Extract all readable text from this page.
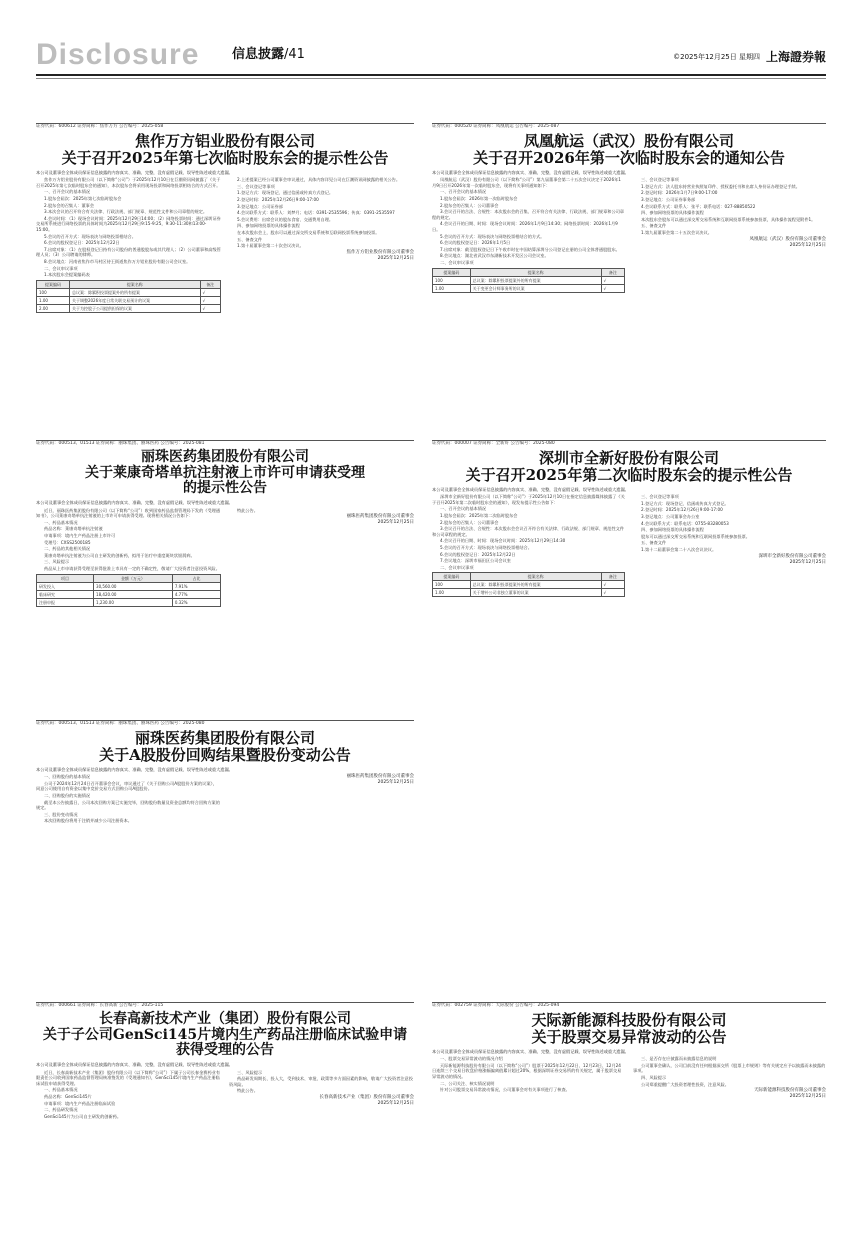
Disclosure	信息披露/41	©2025年12月25日 星期四 上海證券報
证券代码：600612 证券简称：焦作万方 公告编号：2025-058
焦作万方铝业股份有限公司
关于召开2025年第七次临时股东会的提示性公告
本公司及董事会全体成员保证信息披露的内容真实、准确、完整，没有虚假记载、误导性陈述或重大遗漏。

焦作万方铝业股份有限公司（以下简称“公司”）于2025年12月10日在巨潮资讯网披露了《关于召开2025年第七次临时股东会的通知》，本次股东会将采用现场投票和网络投票相结合的方式召开。

一、召开会议的基本情况

1.股东会届次：2025年第七次临时股东会

2.股东会的召集人：董事会

3.本次会议的召开符合有关法律、行政法规、部门规章、规范性文件和公司章程的规定。

4.会议时间：（1）现场会议时间：2025年12月29日14:00；（2）网络投票时间：通过深圳证券交易所系统进行网络投票的具体时间为2025年12月29日9:15-9:25，9:30-11:30和13:00-15:00。

5.会议的召开方式：现场表决与网络投票相结合。

6.会议的股权登记日：2025年12月22日

7.出席对象：（1）在股权登记日持有公司股份的普通股股东或其代理人；（2）公司董事和高级管理人员；（3）公司聘请的律师。

8.会议地点：河南省焦作市马村区待王街道焦作万方铝业股份有限公司会议室。

二、会议审议事项

1.本次股东会提案编码表

提案编码	提案名称	备注
100	总议案：除累积投票提案外的所有提案	√
1.00	关于调整2026年度日常关联交易预计的议案	√
2.00	关于为控股子公司提供担保的议案	√

2.上述提案已经公司董事会审议通过，具体内容详见公司在巨潮资讯网披露的相关公告。

三、会议登记等事项

1.登记方式：现场登记、通过信函或传真方式登记。

2.登记时间：2025年12月26日9:00-17:00

3.登记地点：公司证券部

4.会议联系方式：联系人：刘梦月；电话：0391-2535596；传真：0391-2535597

5.会议费用：出席会议的股东食宿、交通费用自理。

四、参加网络投票的具体操作流程

在本次股东会上，股东可以通过深交所交易系统和互联网投票系统参加投票。

五、备查文件

1.第十届董事会第二十次会议决议。

焦作万方铝业股份有限公司董事会
2025年12月25日
证券代码：000520 证券简称：凤凰航运 公告编号：2025-087
凤凰航运（武汉）股份有限公司
关于召开2026年第一次临时股东会的通知公告
本公司及董事会全体成员保证信息披露的内容真实、准确、完整，没有虚假记载、误导性陈述或重大遗漏。

凤凰航运（武汉）股份有限公司（以下简称“公司”）第九届董事会第二十五次会议决定于2026年1月9日召开2026年第一次临时股东会，现将有关事项通知如下：

一、召开会议的基本情况

1.股东会届次：2026年第一次临时股东会

2.股东会的召集人：公司董事会

3.会议召开的合法、合规性：本次股东会的召集、召开符合有关法律、行政法规、部门规章和公司章程的规定。

4.会议召开的日期、时间：现场会议时间：2026年1月9日14:30；网络投票时间：2026年1月9日。

5.会议的召开方式：现场表决与网络投票相结合的方式。

6.会议的股权登记日：2026年1月5日

7.出席对象：截至股权登记日下午收市时在中国结算深圳分公司登记在册的公司全体普通股股东。

8.会议地点：湖北省武汉市东湖新技术开发区公司会议室。

二、会议审议事项

提案编码	提案名称	备注
100	总议案：除累积投票提案外的所有提案	√
1.00	关于变更会计师事务所的议案	√

三、会议登记等事项

1.登记方式：法人股东持营业执照复印件、授权委托书和出席人身份证办理登记手续。

2.登记时间：2026年1月7日9:00-17:00

3.登记地点：公司证券事务部

4.会议联系方式：联系人：张平；联系电话：027-88850522

四、参加网络投票的具体操作流程

本次股东会股东可以通过深交所交易系统和互联网投票系统参加投票，具体操作流程见附件1。

五、备查文件

1.第九届董事会第二十五次会议决议。

凤凰航运（武汉）股份有限公司董事会
2025年12月25日
证券代码：000513、01513 证券简称：丽珠集团、丽珠医药 公告编号：2025-081
丽珠医药集团股份有限公司
关于莱康奇塔单抗注射液上市许可申请获受理
的提示性公告
本公司及董事会全体成员保证信息披露的内容真实、准确、完整，没有虚假记载、误导性陈述或重大遗漏。

近日，丽珠医药集团股份有限公司（以下简称“公司”）收到国家药品监督管理局下发的《受理通知书》，公司莱康奇塔单抗注射液的上市许可申请获得受理。现将相关情况公告如下：

一、药品基本情况

药品名称：莱康奇塔单抗注射液

申请事项：境内生产药品注册上市许可

受理号：CXSS2500185

二、药品的其他相关情况

莱康奇塔单抗注射液为公司自主研发的创新药，拟用于治疗中重度斑块状银屑病。

三、风险提示

药品从上市申请获得受理至获得批准上市具有一定的不确定性，敬请广大投资者注意投资风险。

项目	金额（万元）	占比
研发投入	30,560.00	7.91%
临床研究	18,420.00	4.77%
注册申报	1,230.00	0.32%

特此公告。

丽珠医药集团股份有限公司董事会
2025年12月25日
证券代码：000513、01513 证券简称：丽珠集团、丽珠医药 公告编号：2025-080
丽珠医药集团股份有限公司
关于A股股份回购结果暨股份变动公告
本公司及董事会全体成员保证信息披露的内容真实、准确、完整，没有虚假记载、误导性陈述或重大遗漏。

一、回购股份的基本情况

公司于2024年12月24日召开董事会会议，审议通过了《关于回购公司A股股份方案的议案》，同意公司使用自有资金以集中竞价交易方式回购公司A股股份。

二、回购股份的实施情况

截至本公告披露日，公司本次回购方案已实施完毕，回购股份数量及资金总额均符合回购方案的规定。

三、股份变动情况

本次回购股份将用于注销并减少公司注册资本。

丽珠医药集团股份有限公司董事会
2025年12月25日
证券代码：000007 证券简称：全新好 公告编号：2025-080
深圳市全新好股份有限公司
关于召开2025年第二次临时股东会的提示性公告
本公司及董事会全体成员保证信息披露的内容真实、准确、完整，没有虚假记载、误导性陈述或重大遗漏。

深圳市全新好股份有限公司（以下简称“公司”）于2025年12月10日在指定信息披露媒体披露了《关于召开2025年第二次临时股东会的通知》，现发布提示性公告如下：

一、召开会议的基本情况

1.股东会届次：2025年第二次临时股东会

2.股东会的召集人：公司董事会

3.会议召开的合法、合规性：本次股东会会议召开符合有关法律、行政法规、部门规章、规范性文件和公司章程的规定。

4.会议召开的日期、时间：现场会议时间：2025年12月29日14:30

5.会议的召开方式：现场表决与网络投票相结合。

6.会议的股权登记日：2025年12月22日

7.会议地点：深圳市福田区公司会议室

二、会议审议事项

提案编码	提案名称	备注
100	总议案：除累积投票提案外的所有提案	√
1.00	关于增补公司非独立董事的议案	√

三、会议登记等事项

1.登记方式：现场登记、信函或传真方式登记。

2.登记时间：2025年12月26日9:00-17:00

3.登记地点：公司董事会办公室

4.会议联系方式：联系电话：0755-83280053

四、参加网络投票的具体操作流程

股东可以通过深交所交易系统和互联网投票系统参加投票。

五、备查文件

1.第十二届董事会第二十八次会议决议。

深圳市全新好股份有限公司董事会
2025年12月25日
证券代码：000661 证券简称：长春高新 公告编号：2025-115
长春高新技术产业（集团）股份有限公司
关于子公司GenSci145片境内生产药品注册临床试验申请
获得受理的公告
本公司及董事会全体成员保证信息披露的内容真实、准确、完整，没有虚假记载、误导性陈述或重大遗漏。

近日，长春高新技术产业（集团）股份有限公司（以下简称“公司”）下属子公司长春金赛药业有限责任公司收到国家药品监督管理局核准签发的《受理通知书》，GenSci145片境内生产药品注册临床试验申请获得受理。

一、药品基本情况

药品名称：GenSci145片

申请事项：境内生产药品注册临床试验

二、药品研发情况

GenSci145片为公司自主研发的创新药。

三、风险提示

药品研发周期长、投入大，受到技术、审批、政策等多方面因素的影响，敬请广大投资者注意投资风险。

特此公告。

长春高新技术产业（集团）股份有限公司董事会
2025年12月25日
证券代码：002759 证券简称：天际股份 公告编号：2025-094
天际新能源科技股份有限公司
关于股票交易异常波动的公告
本公司及董事会全体成员保证信息披露的内容真实、准确、完整，没有虚假记载、误导性陈述或重大遗漏。

一、股票交易异常波动的情况介绍

天际新能源科技股份有限公司（以下简称“公司”）股票于2025年12月22日、12月23日、12月24日连续三个交易日收盘价格涨幅偏离值累计超过20%，根据深圳证券交易所的有关规定，属于股票交易异常波动的情况。

二、公司关注、核实情况说明

针对公司股票交易异常波动情况，公司董事会对有关事项进行了核查。

三、是否存在应披露而未披露信息的说明

公司董事会确认，公司目前没有任何根据深交所《股票上市规则》等有关规定应予以披露而未披露的事项。

四、风险提示

公司郑重提醒广大投资者理性投资，注意风险。

天际新能源科技股份有限公司董事会
2025年12月25日
